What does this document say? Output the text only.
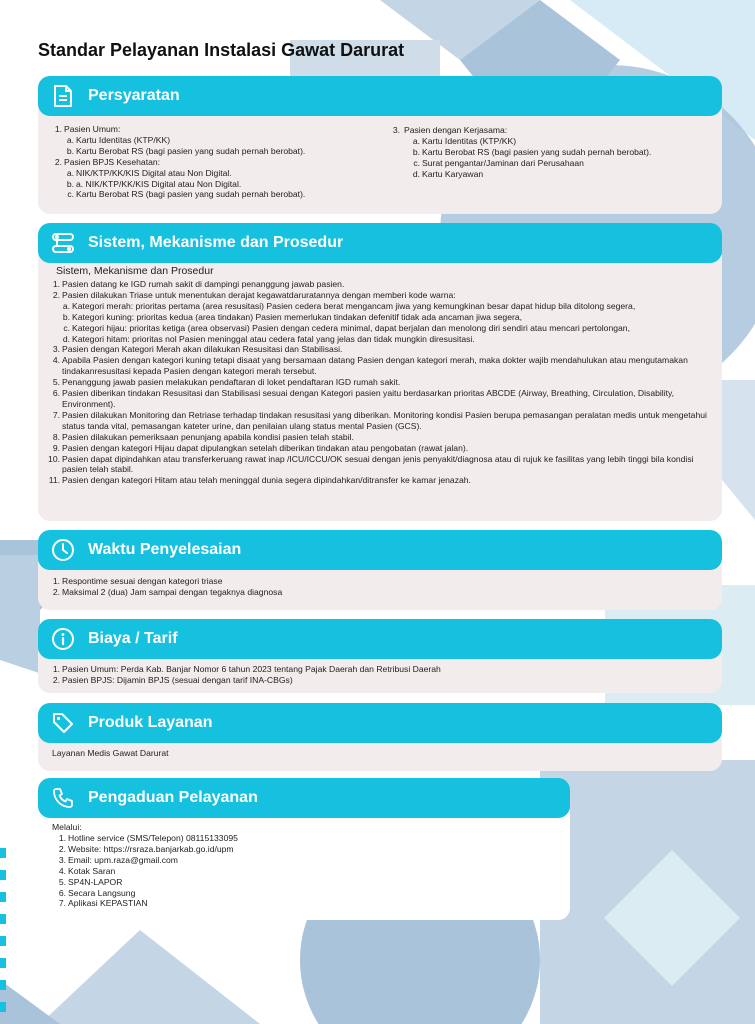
Standar Pelayanan Instalasi Gawat Darurat
1. Pasien Umum:
a. Kartu Identitas (KTP/KK)
b. Kartu Berobat RS (bagi pasien yang sudah pernah berobat).
2. Pasien BPJS Kesehatan:
a. NIK/KTP/KK/KIS Digital atau Non Digital.
b. a. NIK/KTP/KK/KIS Digital atau Non Digital.
c. Kartu Berobat RS (bagi pasien yang sudah pernah berobat).
3. Pasien dengan Kerjasama:
a. Kartu Identitas (KTP/KK)
b. Kartu Berobat RS (bagi pasien yang sudah pernah berobat).
c. Surat pengantar/Jaminan dari Perusahaan
d. Kartu Karyawan
Persyaratan
Sistem, Mekanisme dan Prosedur
1. Pasien datang ke IGD rumah sakit di dampingi penanggung jawab pasien.
2. Pasien dilakukan Triase untuk menentukan derajat kegawatdaruratannya dengan memberi kode warna:
a. Kategori merah: prioritas pertama (area resusitasi) Pasien cedera berat mengancam jiwa yang kemungkinan besar dapat hidup bila ditolong segera,
b. Kategori kuning: prioritas kedua (area tindakan) Pasien memerlukan tindakan defenitif tidak ada ancaman jiwa segera,
c. Kategori hijau: prioritas ketiga (area observasi) Pasien dengan cedera minimal, dapat berjalan dan menolong diri sendiri atau mencari pertolongan,
d. Kategori hitam: prioritas nol Pasien meninggal atau cedera fatal yang jelas dan tidak mungkin diresusitasi.
3. Pasien dengan Kategori Merah akan dilakukan Resusitasi dan Stabilisasi.
4. Apabila Pasien dengan kategori kuning tetapi disaat yang bersamaan datang Pasien dengan kategori merah, maka dokter wajib mendahulukan atau mengutamakan tindakanresusitasi kepada Pasien dengan kategori merah tersebut.
5. Penanggung jawab pasien melakukan pendaftaran di loket pendaftaran IGD rumah sakit.
6. Pasien diberikan tindakan Resusitasi dan Stabilisasi sesuai dengan Kategori pasien yaitu berdasarkan prioritas ABCDE (Airway, Breathing, Circulation, Disability, Environment).
7. Pasien dilakukan Monitoring dan Retriase terhadap tindakan resusitasi yang diberikan. Monitoring kondisi Pasien berupa pemasangan peralatan medis untuk mengetahui status tanda vital, pemasangan kateter urine, dan penilaian ulang status mental Pasien (GCS).
8. Pasien dilakukan pemeriksaan penunjang apabila kondisi pasien telah stabil.
9. Pasien dengan kategori Hijau dapat dipulangkan setelah diberikan tindakan atau pengobatan (rawat jalan).
10. Pasien dapat dipindahkan atau transferkeruang rawat inap /ICU/ICCU/OK sesuai dengan jenis penyakit/diagnosa atau di rujuk ke fasilitas yang lebih tinggi bila kondisi pasien telah stabil.
11. Pasien dengan kategori Hitam atau telah meninggal dunia segera dipindahkan/ditransfer ke kamar jenazah.
Sistem, Mekanisme dan Prosedur
1. Respontime sesuai dengan kategori triase
2. Maksimal 2 (dua) Jam sampai dengan tegaknya diagnosa
Waktu Penyelesaian
1. Pasien Umum: Perda Kab. Banjar Nomor 6 tahun 2023 tentang Pajak Daerah dan Retribusi Daerah
2. Pasien BPJS: Dijamin BPJS (sesuai dengan tarif INA-CBGs)
Biaya / Tarif
Layanan Medis Gawat Darurat
Produk Layanan
Melalui:
1. Hotline service (SMS/Telepon) 08115133095
2. Website: https://rsraza.banjarkab.go.id/upm
3. Email: upm.raza@gmail.com
4. Kotak Saran
5. SP4N-LAPOR
6. Secara Langsung
7. Aplikasi KEPASTIAN
Pengaduan Pelayanan
